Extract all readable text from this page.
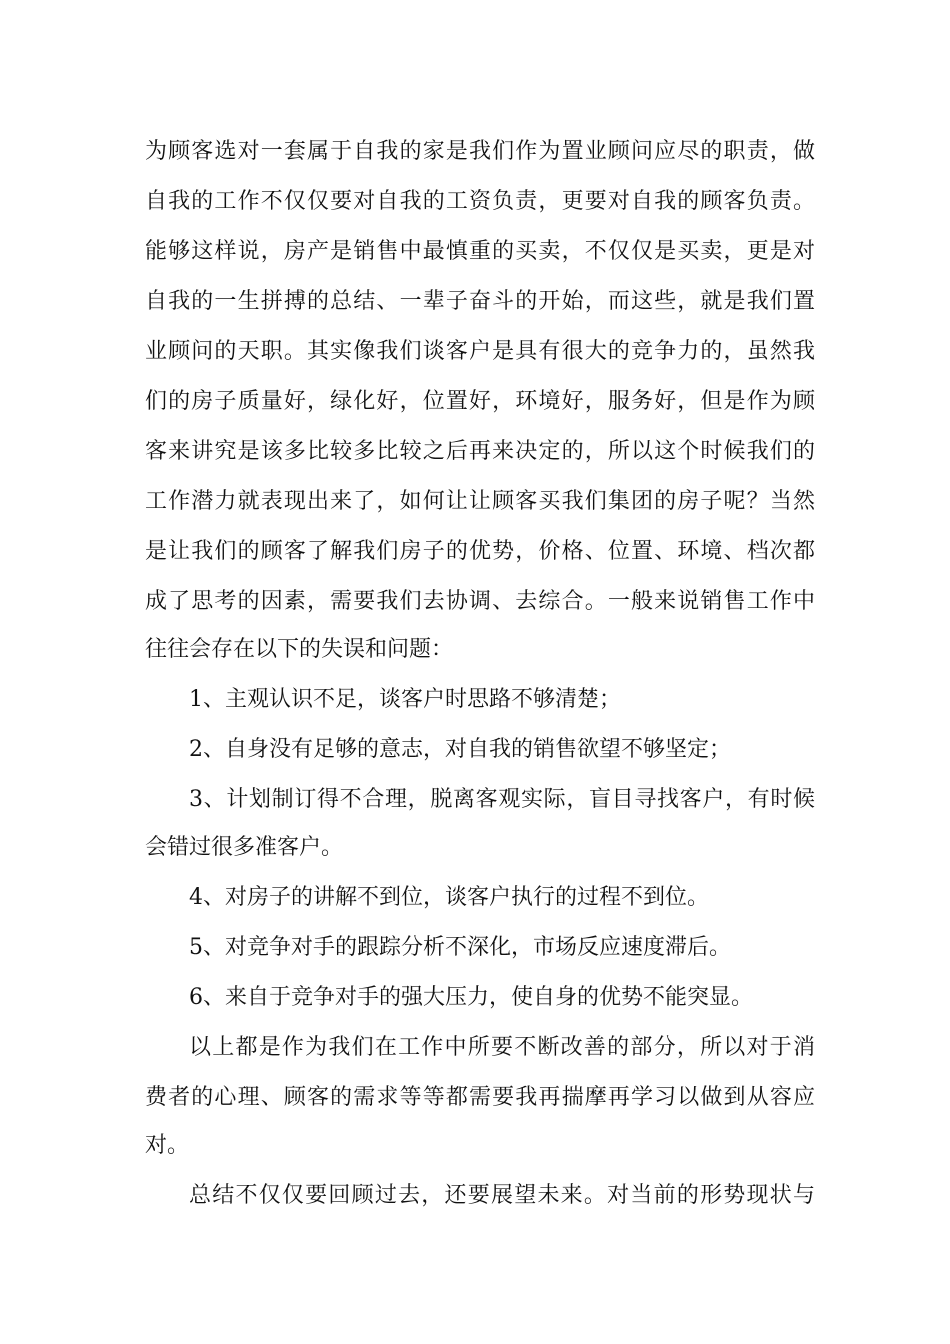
为顾客选对一套属于自我的家是我们作为置业顾问应尽的职责，做
自我的工作不仅仅要对自我的工资负责，更要对自我的顾客负责。
能够这样说，房产是销售中最慎重的买卖，不仅仅是买卖，更是对
自我的一生拼搏的总结、一辈子奋斗的开始，而这些，就是我们置
业顾问的天职。其实像我们谈客户是具有很大的竞争力的，虽然我
们的房子质量好，绿化好，位置好，环境好，服务好，但是作为顾
客来讲究是该多比较多比较之后再来决定的，所以这个时候我们的
工作潜力就表现出来了，如何让让顾客买我们集团的房子呢？当然
是让我们的顾客了解我们房子的优势，价格、位置、环境、档次都
成了思考的因素，需要我们去协调、去综合。一般来说销售工作中
往往会存在以下的失误和问题：
1、主观认识不足，谈客户时思路不够清楚；
2、自身没有足够的意志，对自我的销售欲望不够坚定；
3、计划制订得不合理，脱离客观实际，盲目寻找客户，有时候
会错过很多准客户。
4、对房子的讲解不到位，谈客户执行的过程不到位。
5、对竞争对手的跟踪分析不深化，市场反应速度滞后。
6、来自于竞争对手的强大压力，使自身的优势不能突显。
以上都是作为我们在工作中所要不断改善的部分，所以对于消
费者的心理、顾客的需求等等都需要我再揣摩再学习以做到从容应
对。
总结不仅仅要回顾过去，还要展望未来。对当前的形势现状与
